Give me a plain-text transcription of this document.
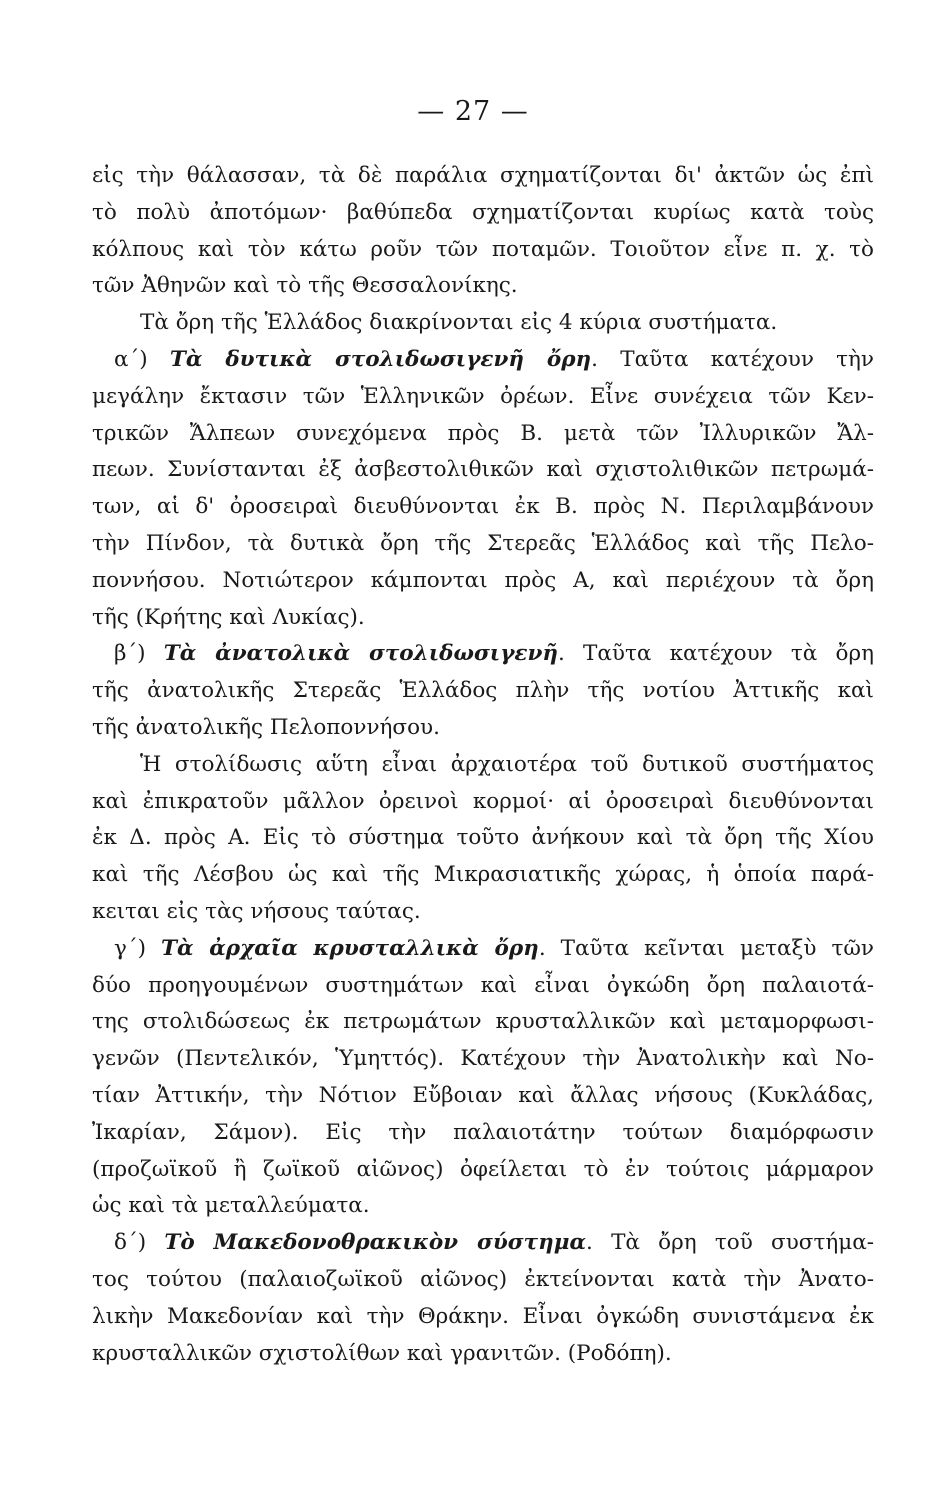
— 27 —
εἰς τὴν θάλασσαν, τὰ δὲ παράλια σχηματίζονται δι' ἀκτῶν ὡς ἐπὶ
τὸ πολὺ ἀποτόμων· βαθύπεδα σχηματίζονται κυρίως κατὰ τοὺς
κόλπους καὶ τὸν κάτω ροῦν τῶν ποταμῶν. Τοιοῦτον εἶνε π. χ. τὸ
τῶν Ἀθηνῶν καὶ τὸ τῆς Θεσσαλονίκης.
Τὰ ὄρη τῆς Ἑλλάδος διακρίνονται εἰς 4 κύρια συστήματα.
α΄) Τὰ δυτικὰ στολιδωσιγενῆ ὄρη. Ταῦτα κατέχουν τὴν
μεγάλην ἔκτασιν τῶν Ἑλληνικῶν ὀρέων. Εἶνε συνέχεια τῶν Κεν-
τρικῶν Ἄλπεων συνεχόμενα πρὸς Β. μετὰ τῶν Ἰλλυρικῶν Ἄλ-
πεων. Συνίστανται ἐξ ἀσβεστολιθικῶν καὶ σχιστολιθικῶν πετρωμά-
των, αἱ δ' ὀροσειραὶ διευθύνονται ἐκ Β. πρὸς Ν. Περιλαμβάνουν
τὴν Πίνδον, τὰ δυτικὰ ὄρη τῆς Στερεᾶς Ἑλλάδος καὶ τῆς Πελο-
ποννήσου. Νοτιώτερον κάμπονται πρὸς Α, καὶ περιέχουν τὰ ὄρη
τῆς (Κρήτης καὶ Λυκίας).
β΄) Τὰ ἀνατολικὰ στολιδωσιγενῆ. Ταῦτα κατέχουν τὰ ὄρη
τῆς ἀνατολικῆς Στερεᾶς Ἑλλάδος πλὴν τῆς νοτίου Ἀττικῆς καὶ
τῆς ἀνατολικῆς Πελοποννήσου.
Ἡ στολίδωσις αὕτη εἶναι ἀρχαιοτέρα τοῦ δυτικοῦ συστήματος
καὶ ἐπικρατοῦν μᾶλλον ὀρεινοὶ κορμοί· αἱ ὀροσειραὶ διευθύνονται
ἐκ Δ. πρὸς Α. Εἰς τὸ σύστημα τοῦτο ἀνήκουν καὶ τὰ ὄρη τῆς Χίου
καὶ τῆς Λέσβου ὡς καὶ τῆς Μικρασιατικῆς χώρας, ἡ ὁποία παρά-
κειται εἰς τὰς νήσους ταύτας.
γ΄) Τὰ ἀρχαῖα κρυσταλλικὰ ὄρη. Ταῦτα κεῖνται μεταξὺ τῶν
δύο προηγουμένων συστημάτων καὶ εἶναι ὀγκώδη ὄρη παλαιοτά-
της στολιδώσεως ἐκ πετρωμάτων κρυσταλλικῶν καὶ μεταμορφωσι-
γενῶν (Πεντελικόν, Ὑμηττός). Κατέχουν τὴν Ἀνατολικὴν καὶ Νο-
τίαν Ἀττικήν, τὴν Νότιον Εὔβοιαν καὶ ἄλλας νήσους (Κυκλάδας,
Ἰκαρίαν, Σάμον). Εἰς τὴν παλαιοτάτην τούτων διαμόρφωσιν
(προζωϊκοῦ ἢ ζωϊκοῦ αἰῶνος) ὀφείλεται τὸ ἐν τούτοις μάρμαρον
ὡς καὶ τὰ μεταλλεύματα.
δ΄) Τὸ Μακεδονοθρακικὸν σύστημα. Τὰ ὄρη τοῦ συστήμα-
τος τούτου (παλαιοζωϊκοῦ αἰῶνος) ἐκτείνονται κατὰ τὴν Ἀνατο-
λικὴν Μακεδονίαν καὶ τὴν Θράκην. Εἶναι ὀγκώδη συνιστάμενα ἐκ
κρυσταλλικῶν σχιστολίθων καὶ γρανιτῶν. (Ροδόπη).
